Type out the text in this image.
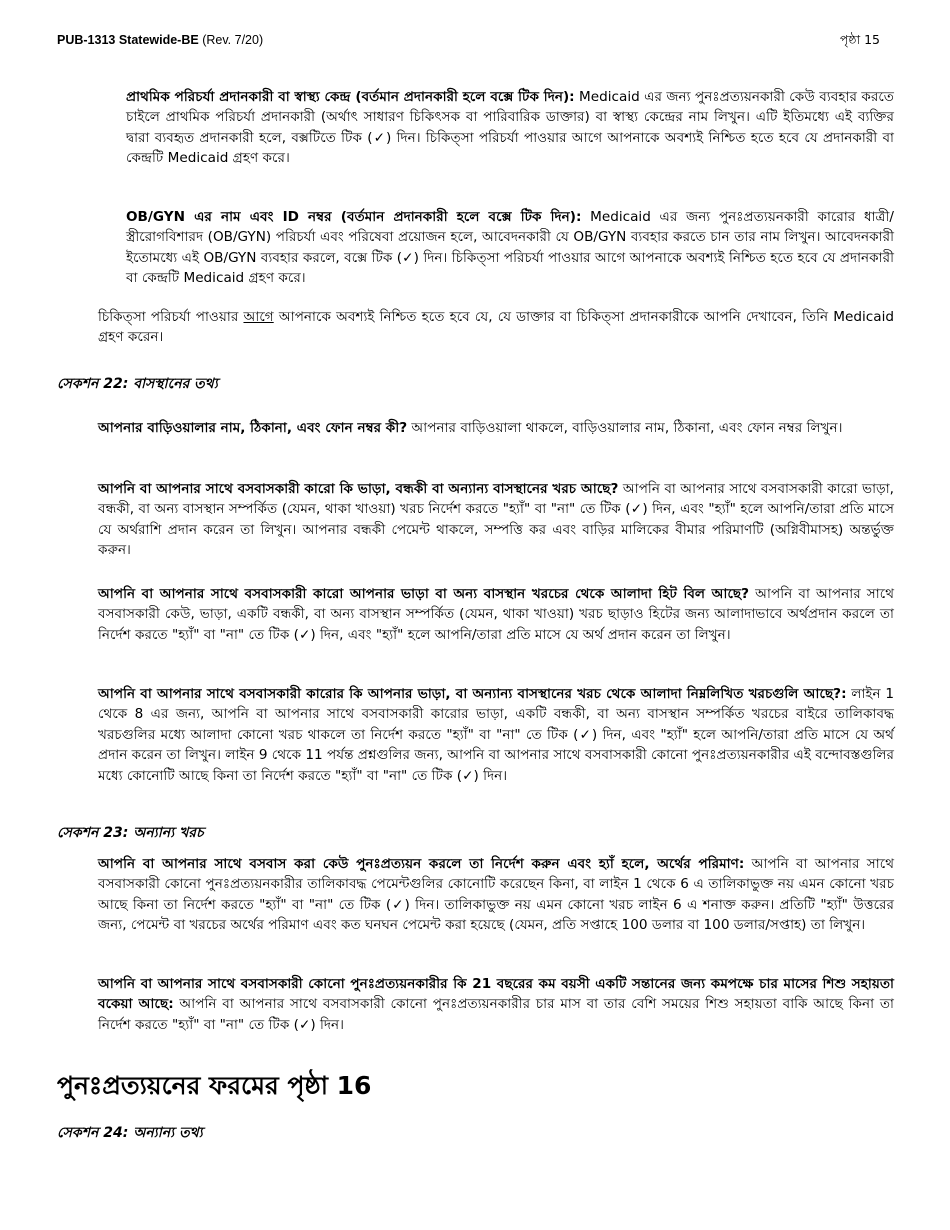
PUB-1313 Statewide-BE (Rev. 7/20)	পৃষ্ঠা 15
প্রাথমিক পরিচর্যা প্রদানকারী বা স্বাস্থ্য কেন্দ্র (বর্তমান প্রদানকারী হলে বক্সে টিক দিন): Medicaid এর জন্য পুনঃপ্রত্যয়নকারী কেউ ব্যবহার করতে চাইলে প্রাথমিক পরিচর্যা প্রদানকারী (অর্থাৎ সাধারণ চিকিৎসক বা পারিবারিক ডাক্তার) বা স্বাস্থ্য কেন্দ্রের নাম লিখুন। এটি ইতিমধ্যে এই ব্যক্তির দ্বারা ব্যবহৃত প্রদানকারী হলে, বক্সটিতে টিক (✓) দিন। চিকিত্সা পরিচর্যা পাওয়ার আগে আপনাকে অবশ্যই নিশ্চিত হতে হবে যে প্রদানকারী বা কেন্দ্রটি Medicaid গ্রহণ করে।
OB/GYN এর নাম এবং ID নম্বর (বর্তমান প্রদানকারী হলে বক্সে টিক দিন): Medicaid এর জন্য পুনঃপ্রত্যয়নকারী কারোর ধাত্রী/স্ত্রীরোগবিশারদ (OB/GYN) পরিচর্যা এবং পরিষেবা প্রয়োজন হলে, আবেদনকারী যে OB/GYN ব্যবহার করতে চান তার নাম লিখুন। আবেদনকারী ইতোমধ্যে এই OB/GYN ব্যবহার করলে, বক্সে টিক (✓) দিন। চিকিত্সা পরিচর্যা পাওয়ার আগে আপনাকে অবশ্যই নিশ্চিত হতে হবে যে প্রদানকারী বা কেন্দ্রটি Medicaid গ্রহণ করে।
চিকিত্সা পরিচর্যা পাওয়ার আগে আপনাকে অবশ্যই নিশ্চিত হতে হবে যে, যে ডাক্তার বা চিকিত্সা প্রদানকারীকে আপনি দেখাবেন, তিনি Medicaid গ্রহণ করেন।
সেকশন 22: বাসস্থানের তথ্য
আপনার বাড়িওয়ালার নাম, ঠিকানা, এবং ফোন নম্বর কী? আপনার বাড়িওয়ালা থাকলে, বাড়িওয়ালার নাম, ঠিকানা, এবং ফোন নম্বর লিখুন।
আপনি বা আপনার সাথে বসবাসকারী কারো কি ভাড়া, বন্ধকী বা অন্যান্য বাসস্থানের খরচ আছে? আপনি বা আপনার সাথে বসবাসকারী কারো ভাড়া, বন্ধকী, বা অন্য বাসস্থান সম্পর্কিত (যেমন, থাকা খাওয়া) খরচ নির্দেশ করতে "হ্যাঁ" বা "না" তে টিক (✓) দিন, এবং "হ্যাঁ" হলে আপনি/তারা প্রতি মাসে যে অর্থরাশি প্রদান করেন তা লিখুন। আপনার বন্ধকী পেমেন্ট থাকলে, সম্পত্তি কর এবং বাড়ির মালিকের বীমার পরিমাণটি (অগ্নিবীমাসহ) অন্তর্ভুক্ত করুন।
আপনি বা আপনার সাথে বসবাসকারী কারো আপনার ভাড়া বা অন্য বাসস্থান খরচের থেকে আলাদা হিট বিল আছে? আপনি বা আপনার সাথে বসবাসকারী কেউ, ভাড়া, একটি বন্ধকী, বা অন্য বাসস্থান সম্পর্কিত (যেমন, থাকা খাওয়া) খরচ ছাড়াও হিটের জন্য আলাদাভাবে অর্থপ্রদান করলে তা নির্দেশ করতে "হ্যাঁ" বা "না" তে টিক (✓) দিন, এবং "হ্যাঁ" হলে আপনি/তারা প্রতি মাসে যে অর্থ প্রদান করেন তা লিখুন।
আপনি বা আপনার সাথে বসবাসকারী কারোর কি আপনার ভাড়া, বা অন্যান্য বাসস্থানের খরচ থেকে আলাদা নিম্নলিখিত খরচগুলি আছে?: লাইন 1 থেকে 8 এর জন্য, আপনি বা আপনার সাথে বসবাসকারী কারোর ভাড়া, একটি বন্ধকী, বা অন্য বাসস্থান সম্পর্কিত খরচের বাইরে তালিকাবদ্ধ খরচগুলির মধ্যে আলাদা কোনো খরচ থাকলে তা নির্দেশ করতে "হ্যাঁ" বা "না" তে টিক (✓) দিন, এবং "হ্যাঁ" হলে আপনি/তারা প্রতি মাসে যে অর্থ প্রদান করেন তা লিখুন। লাইন 9 থেকে 11 পর্যন্ত প্রশ্নগুলির জন্য, আপনি বা আপনার সাথে বসবাসকারী কোনো পুনঃপ্রত্যয়নকারীর এই বন্দোবস্তগুলির মধ্যে কোনোটি আছে কিনা তা নির্দেশ করতে "হ্যাঁ" বা "না" তে টিক (✓) দিন।
সেকশন 23: অন্যান্য খরচ
আপনি বা আপনার সাথে বসবাস করা কেউ পুনঃপ্রত্যয়ন করলে তা নির্দেশ করুন এবং হ্যাঁ হলে, অর্থের পরিমাণ: আপনি বা আপনার সাথে বসবাসকারী কোনো পুনঃপ্রত্যয়নকারীর তালিকাবদ্ধ পেমেন্টগুলির কোনোটি করেছেন কিনা, বা লাইন 1 থেকে 6 এ তালিকাভুক্ত নয় এমন কোনো খরচ আছে কিনা তা নির্দেশ করতে "হ্যাঁ" বা "না" তে টিক (✓) দিন। তালিকাভুক্ত নয় এমন কোনো খরচ লাইন 6 এ শনাক্ত করুন। প্রতিটি "হ্যাঁ" উত্তরের জন্য, পেমেন্ট বা খরচের অর্থের পরিমাণ এবং কত ঘনঘন পেমেন্ট করা হয়েছে (যেমন, প্রতি সপ্তাহে 100 ডলার বা 100 ডলার/সপ্তাহ) তা লিখুন।
আপনি বা আপনার সাথে বসবাসকারী কোনো পুনঃপ্রত্যয়নকারীর কি 21 বছরের কম বয়সী একটি সন্তানের জন্য কমপক্ষে চার মাসের শিশু সহায়তা বকেয়া আছে: আপনি বা আপনার সাথে বসবাসকারী কোনো পুনঃপ্রত্যয়নকারীর চার মাস বা তার বেশি সময়ের শিশু সহায়তা বাকি আছে কিনা তা নির্দেশ করতে "হ্যাঁ" বা "না" তে টিক (✓) দিন।
পুনঃপ্রত্যয়নের ফরমের পৃষ্ঠা 16
সেকশন 24: অন্যান্য তথ্য
